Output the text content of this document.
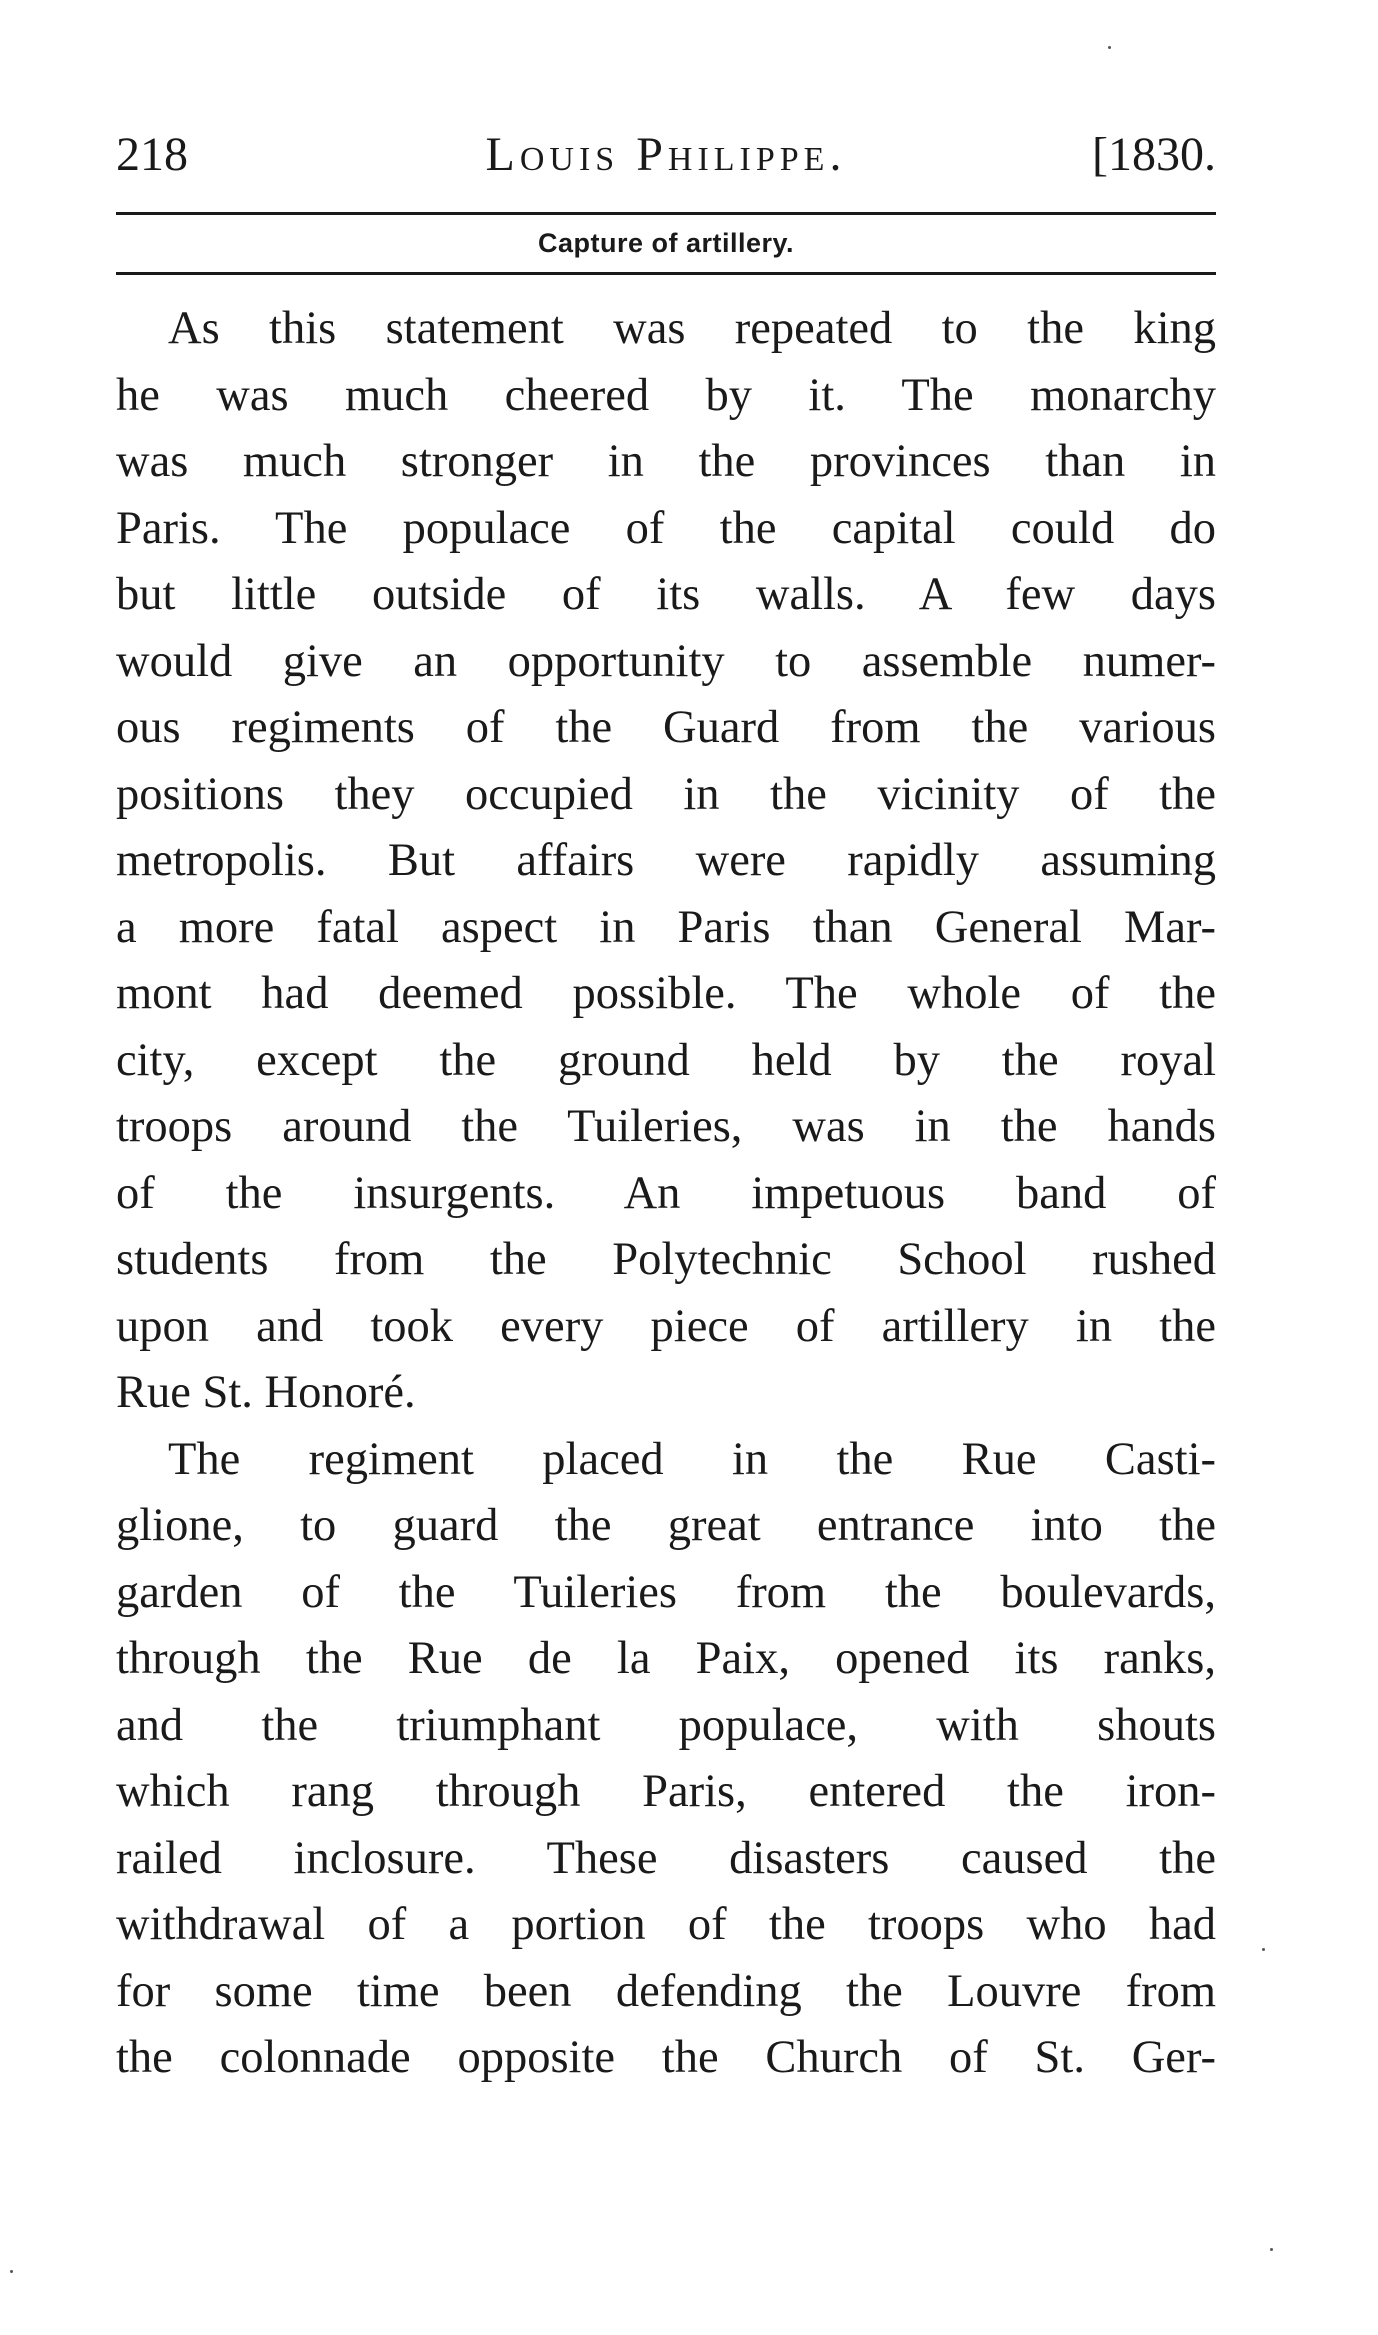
218	Louis Philippe.	[1830.
Capture of artillery.

As this statement was repeated to the king
he was much cheered by it. The monarchy
was much stronger in the provinces than in
Paris. The populace of the capital could do
but little outside of its walls. A few days
would give an opportunity to assemble numer-
ous regiments of the Guard from the various
positions they occupied in the vicinity of the
metropolis. But affairs were rapidly assuming
a more fatal aspect in Paris than General Mar-
mont had deemed possible. The whole of the
city, except the ground held by the royal
troops around the Tuileries, was in the hands
of the insurgents. An impetuous band of
students from the Polytechnic School rushed
upon and took every piece of artillery in the
Rue St. Honoré.

The regiment placed in the Rue Casti-
glione, to guard the great entrance into the
garden of the Tuileries from the boulevards,
through the Rue de la Paix, opened its ranks,
and the triumphant populace, with shouts
which rang through Paris, entered the iron-
railed inclosure. These disasters caused the
withdrawal of a portion of the troops who had
for some time been defending the Louvre from
the colonnade opposite the Church of St. Ger-
